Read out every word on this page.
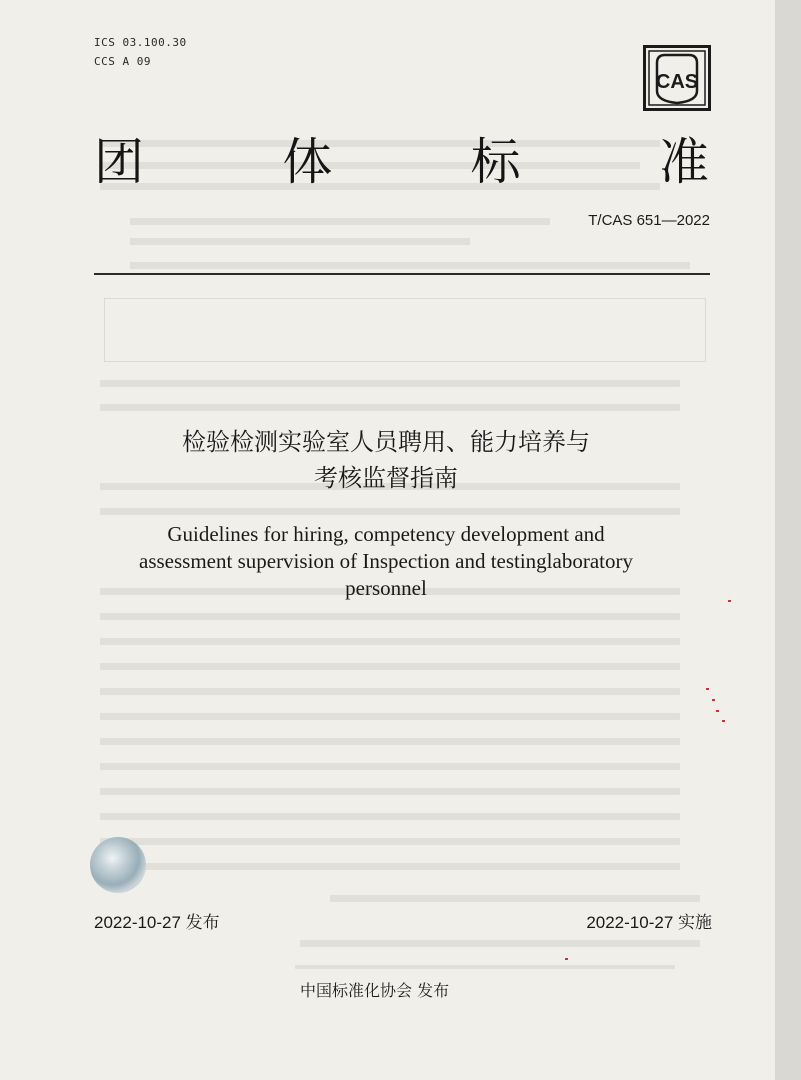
ICS 03.100.30
CCS A 09
CAS
团	体	标	准
T/CAS 651—2022
检验检测实验室人员聘用、能力培养与
考核监督指南
Guidelines for hiring, competency development and
assessment supervision of Inspection and testinglaboratory
personnel
2022-10-27 发布	2022-10-27 实施
中国标准化协会 发布
